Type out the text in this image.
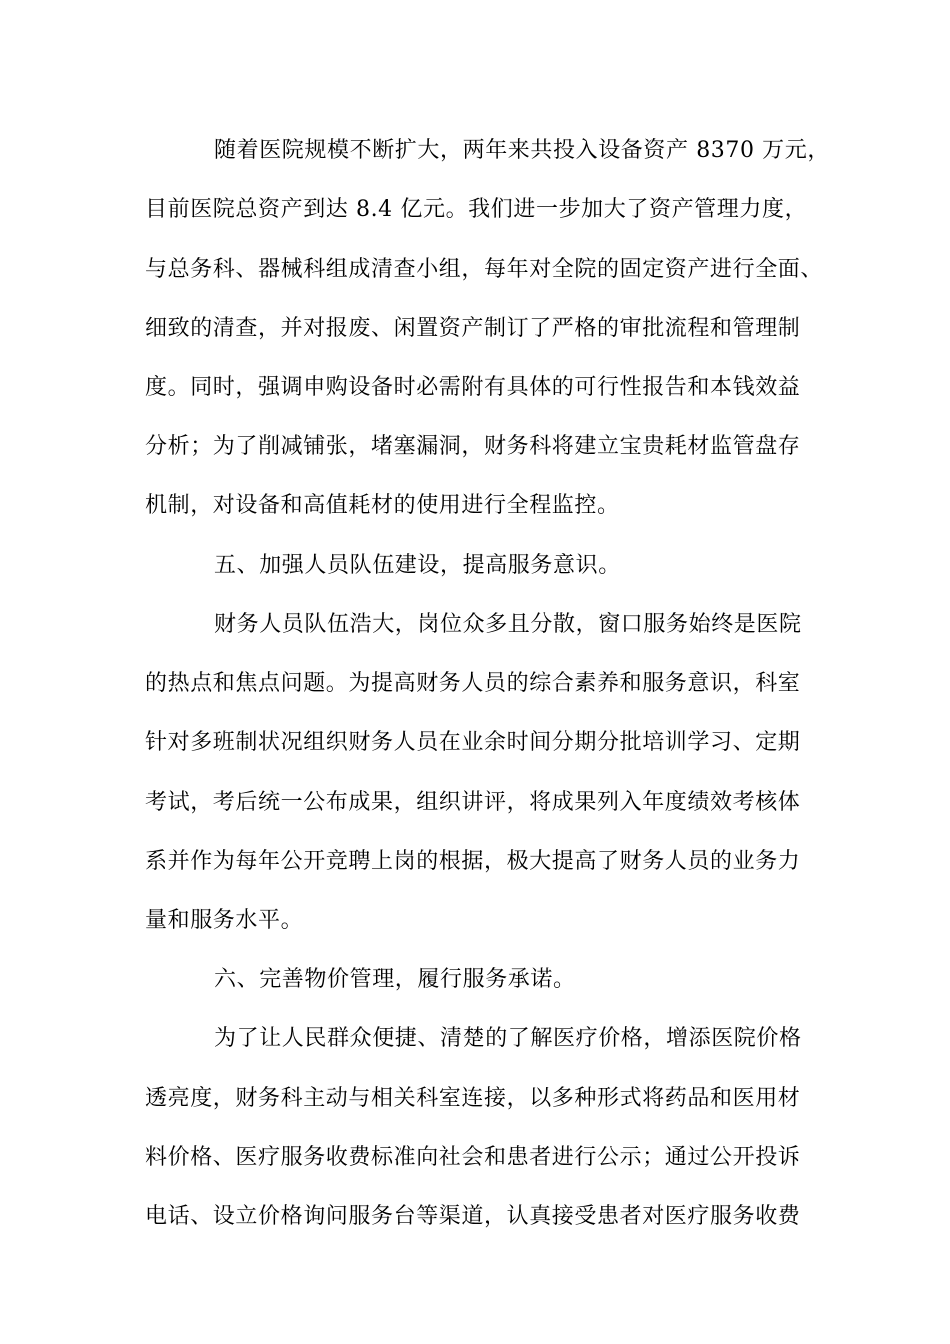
随着医院规模不断扩大，两年来共投入设备资产 8370 万元，
目前医院总资产到达 8.4 亿元。我们进一步加大了资产管理力度，
与总务科、器械科组成清查小组，每年对全院的固定资产进行全面、
细致的清查，并对报废、闲置资产制订了严格的审批流程和管理制
度。同时，强调申购设备时必需附有具体的可行性报告和本钱效益
分析；为了削减铺张，堵塞漏洞，财务科将建立宝贵耗材监管盘存
机制，对设备和高值耗材的使用进行全程监控。
五、加强人员队伍建设，提高服务意识。
财务人员队伍浩大，岗位众多且分散，窗口服务始终是医院
的热点和焦点问题。为提高财务人员的综合素养和服务意识，科室
针对多班制状况组织财务人员在业余时间分期分批培训学习、定期
考试，考后统一公布成果，组织讲评，将成果列入年度绩效考核体
系并作为每年公开竞聘上岗的根据，极大提高了财务人员的业务力
量和服务水平。
六、完善物价管理，履行服务承诺。
为了让人民群众便捷、清楚的了解医疗价格，增添医院价格
透亮度，财务科主动与相关科室连接，以多种形式将药品和医用材
料价格、医疗服务收费标准向社会和患者进行公示；通过公开投诉
电话、设立价格询问服务台等渠道，认真接受患者对医疗服务收费
